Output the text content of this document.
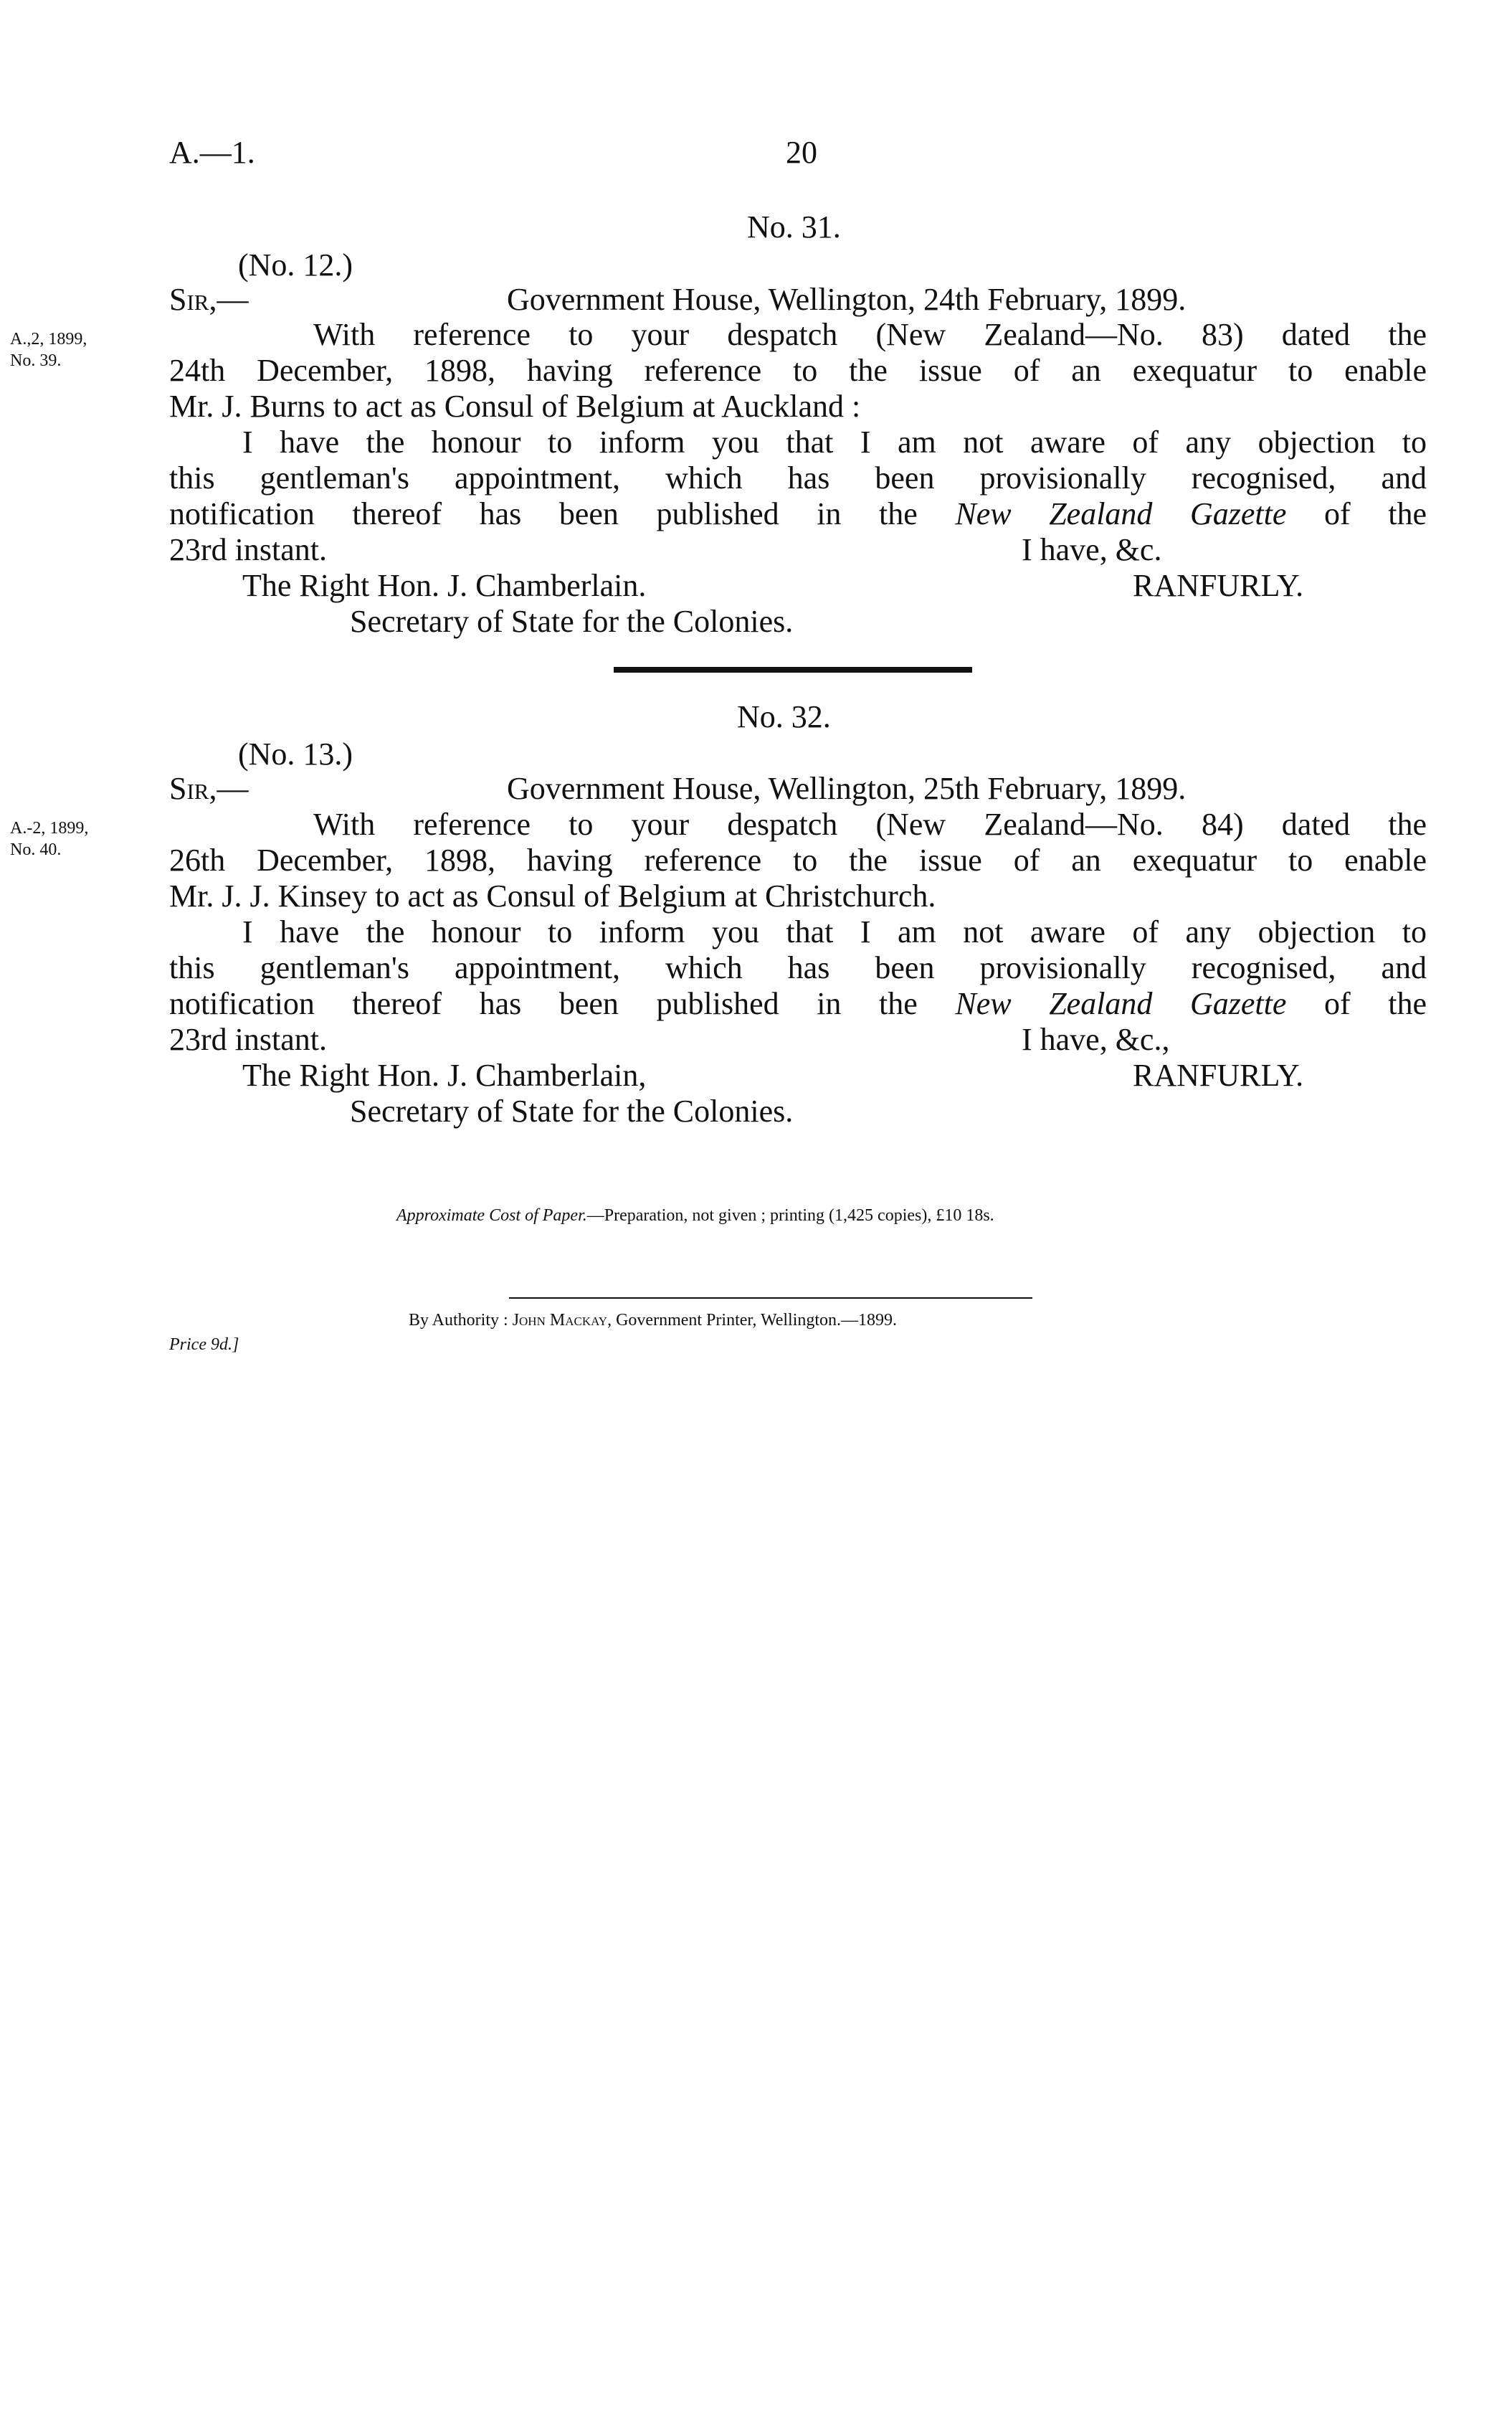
A.—1.	20
No. 31.
(No. 12.)
Sir,—	Government House, Wellington, 24th February, 1899.
A.,2, 1899,
No. 39.
With reference to your despatch (New Zealand—No. 83) dated the
24th December, 1898, having reference to the issue of an exequatur to enable
Mr. J. Burns to act as Consul of Belgium at Auckland :
I have the honour to inform you that I am not aware of any objection to
this gentleman's appointment, which has been provisionally recognised, and
notification thereof has been published in the New Zealand Gazette of the
23rd instant.	I have, &c.
The Right Hon. J. Chamberlain.	RANFURLY.
Secretary of State for the Colonies.
No. 32.
(No. 13.)
Sir,—	Government House, Wellington, 25th February, 1899.
A.-2, 1899,
No. 40.
With reference to your despatch (New Zealand—No. 84) dated the
26th December, 1898, having reference to the issue of an exequatur to enable
Mr. J. J. Kinsey to act as Consul of Belgium at Christchurch.
I have the honour to inform you that I am not aware of any objection to
this gentleman's appointment, which has been provisionally recognised, and
notification thereof has been published in the New Zealand Gazette of the
23rd instant.	I have, &c.,
The Right Hon. J. Chamberlain,	RANFURLY.
Secretary of State for the Colonies.
Approximate Cost of Paper.—Preparation, not given ; printing (1,425 copies), £10 18s.
By Authority : John Mackay, Government Printer, Wellington.—1899.
Price 9d.]
